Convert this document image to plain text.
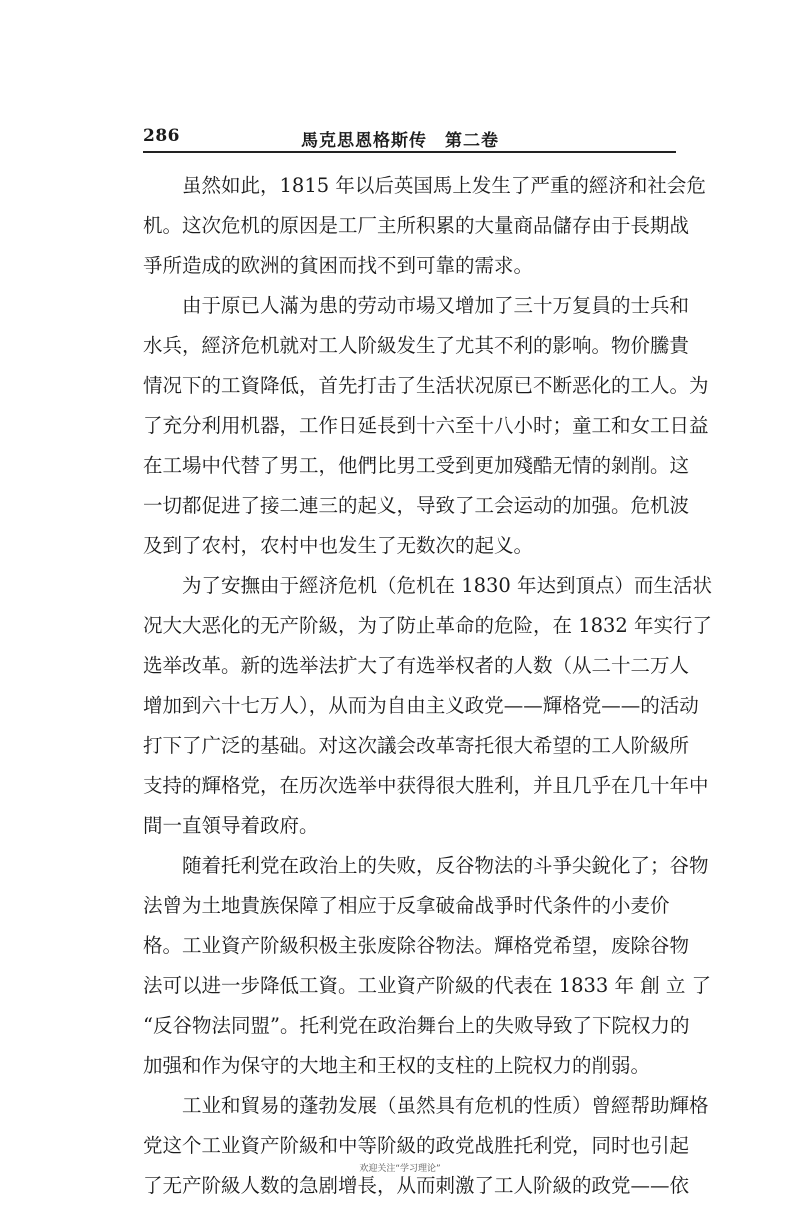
286	馬克思恩格斯传　第二卷
虽然如此，1815 年以后英国馬上发生了严重的經济和社会危
机。这次危机的原因是工厂主所积累的大量商品儲存由于長期战
爭所造成的欧洲的貧困而找不到可靠的需求。
由于原已人滿为患的劳动市場又增加了三十万复員的士兵和
水兵，經济危机就对工人阶級发生了尤其不利的影响。物价騰貴
情况下的工資降低，首先打击了生活状况原已不断恶化的工人。为
了充分利用机器，工作日延長到十六至十八小时；童工和女工日益
在工場中代替了男工，他們比男工受到更加殘酷无情的剝削。这
一切都促进了接二連三的起义，导致了工会运动的加强。危机波
及到了农村，农村中也发生了无数次的起义。
为了安撫由于經济危机（危机在 1830 年达到頂点）而生活状
况大大恶化的无产阶級，为了防止革命的危险，在 1832 年实行了
选举改革。新的选举法扩大了有选举权者的人数（从二十二万人
增加到六十七万人），从而为自由主义政党——輝格党——的活动
打下了广泛的基础。对这次議会改革寄托很大希望的工人阶級所
支持的輝格党，在历次选举中获得很大胜利，并且几乎在几十年中
間一直領导着政府。
随着托利党在政治上的失败，反谷物法的斗爭尖銳化了；谷物
法曾为土地貴族保障了相应于反拿破侖战爭时代条件的小麦价
格。工业資产阶級积极主张废除谷物法。輝格党希望，废除谷物
法可以进一步降低工資。工业資产阶級的代表在 1833 年 創 立 了
“反谷物法同盟”。托利党在政治舞台上的失败导致了下院权力的
加强和作为保守的大地主和王权的支柱的上院权力的削弱。
工业和貿易的蓬勃发展（虽然具有危机的性质）曾經帮助輝格
党这个工业資产阶級和中等阶級的政党战胜托利党，同时也引起
了无产阶級人数的急剧增長，从而刺激了工人阶級的政党——依
欢迎关注“学习理论”
